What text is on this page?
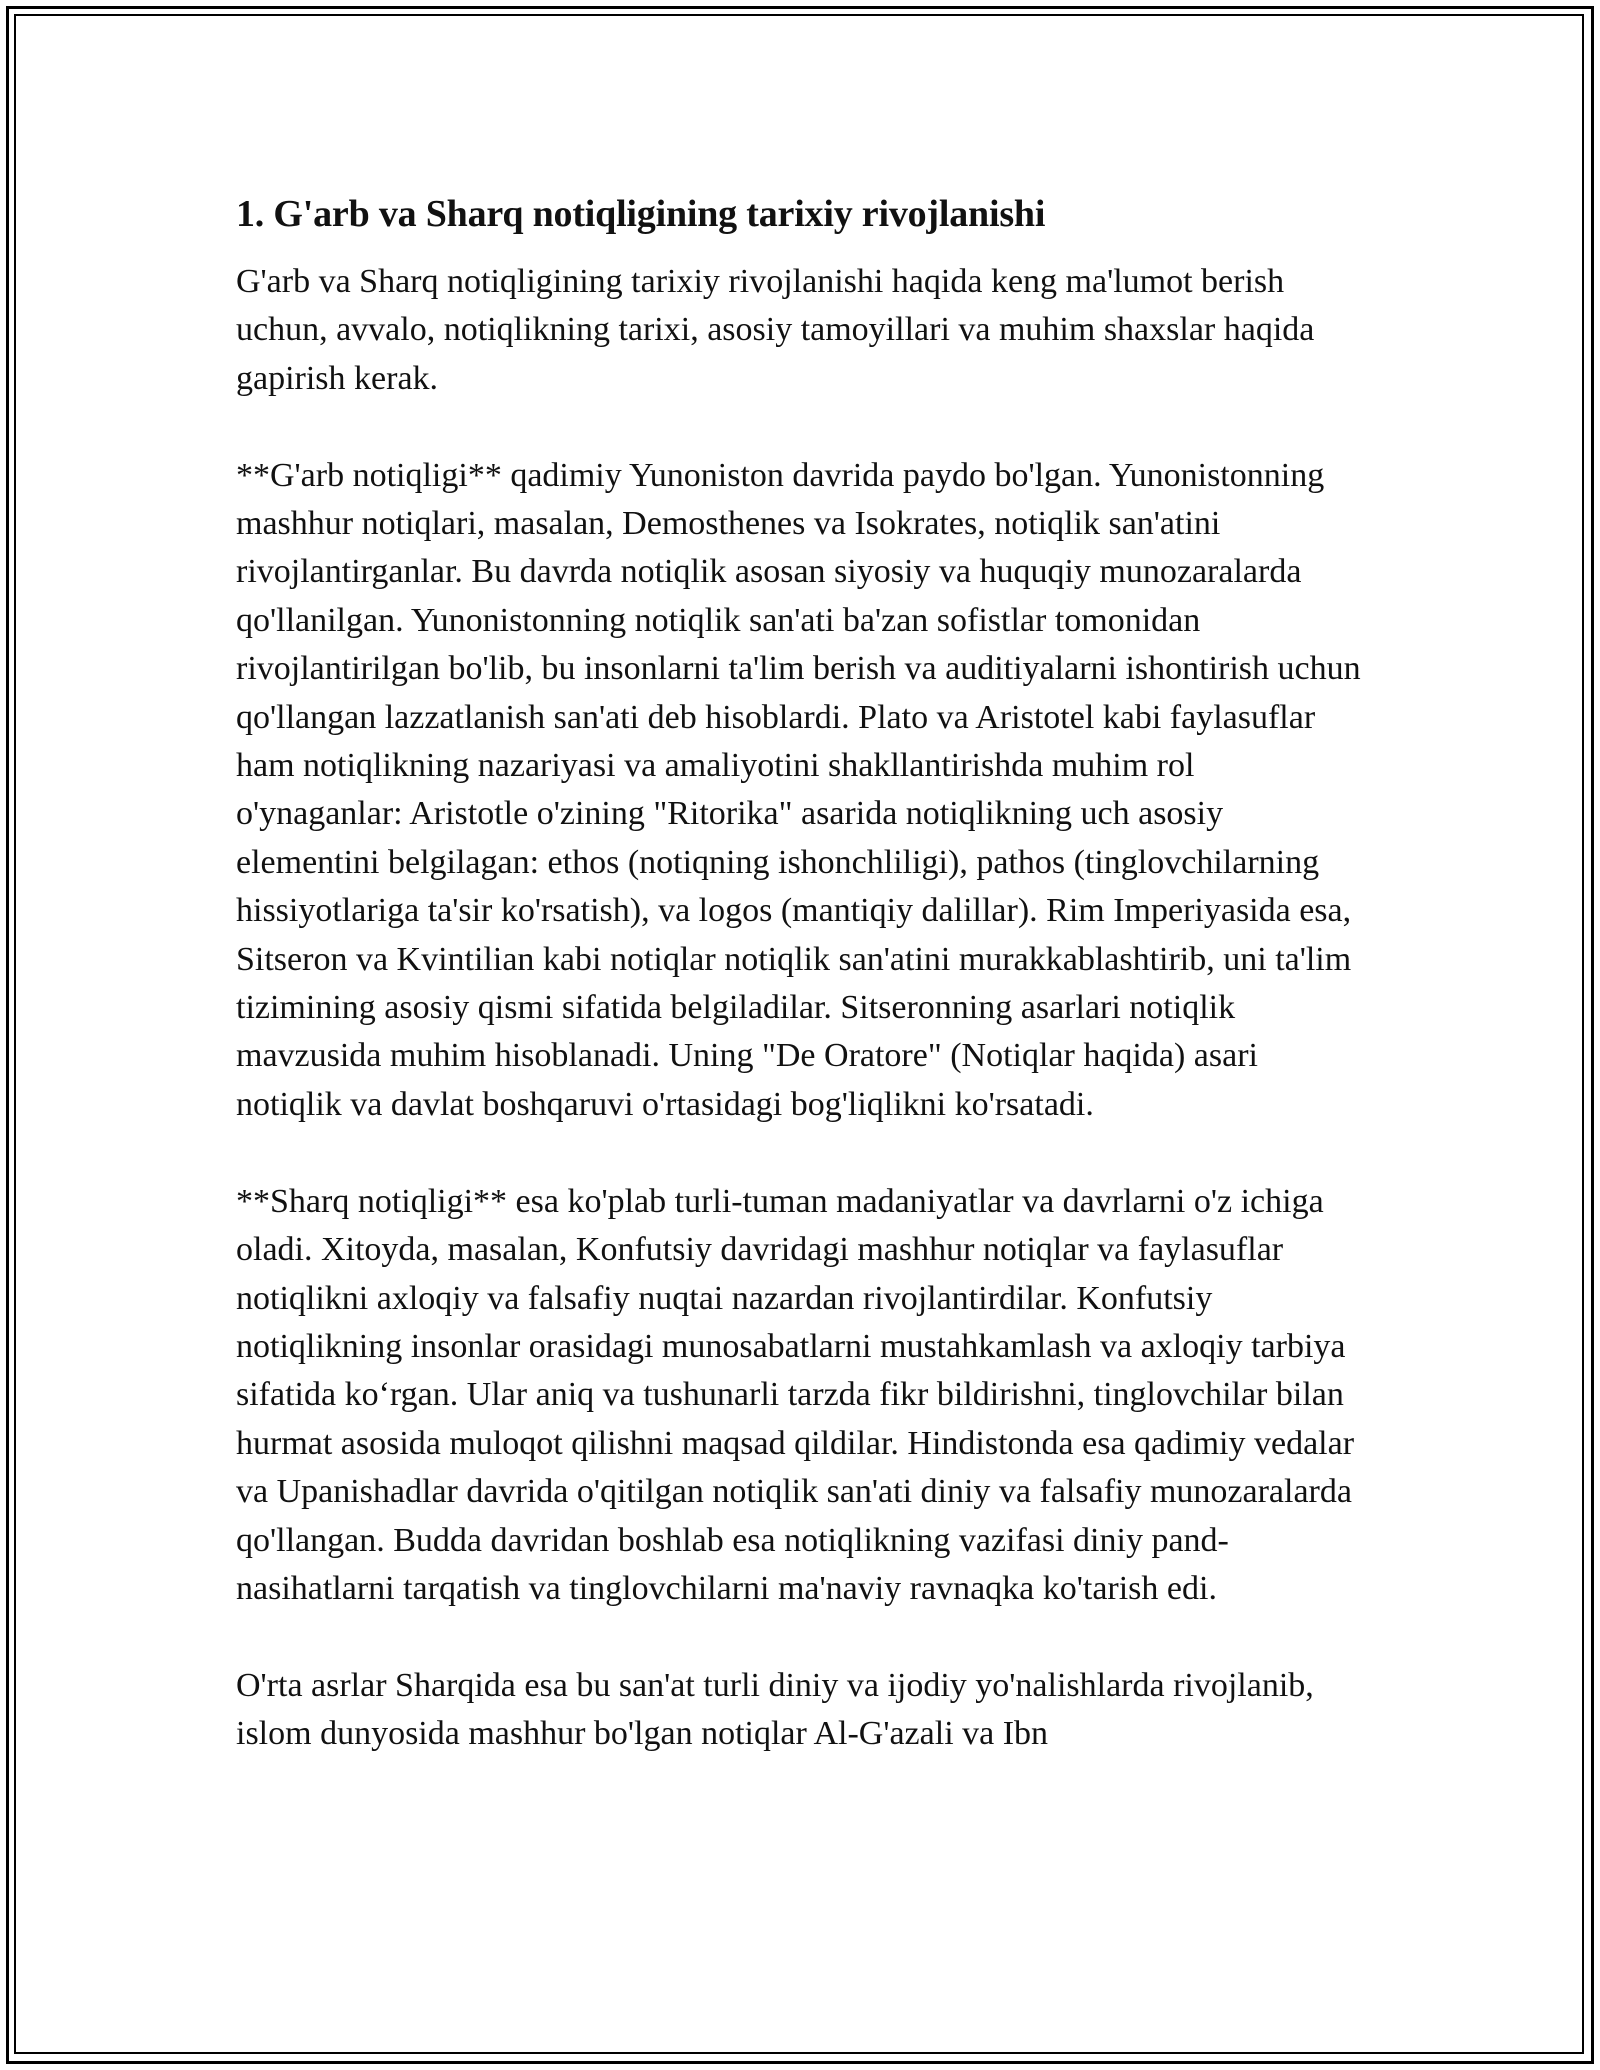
1. G'arb va Sharq notiqligining tarixiy rivojlanishi

G'arb va Sharq notiqligining tarixiy rivojlanishi haqida keng ma'lumot berish uchun, avvalo, notiqlikning tarixi, asosiy tamoyillari va muhim shaxslar haqida gapirish kerak.

**G'arb notiqligi** qadimiy Yunoniston davrida paydo bo'lgan. Yunonistonning mashhur notiqlari, masalan, Demosthenes va Isokrates, notiqlik san'atini rivojlantirganlar. Bu davrda notiqlik asosan siyosiy va huquqiy munozaralarda qo'llanilgan. Yunonistonning notiqlik san'ati ba'zan sofistlar tomonidan rivojlantirilgan bo'lib, bu insonlarni ta'lim berish va auditiyalarni ishontirish uchun qo'llangan lazzatlanish san'ati deb hisoblardi. Plato va Aristotel kabi faylasuflar ham notiqlikning nazariyasi va amaliyotini shakllantirishda muhim rol o'ynaganlar: Aristotle o'zining "Ritorika" asarida notiqlikning uch asosiy elementini belgilagan: ethos (notiqning ishonchliligi), pathos (tinglovchilarning hissiyotlariga ta'sir ko'rsatish), va logos (mantiqiy dalillar). Rim Imperiyasida esa, Sitseron va Kvintilian kabi notiqlar notiqlik san'atini murakkablashtirib, uni ta'lim tizimining asosiy qismi sifatida belgiladilar. Sitseronning asarlari notiqlik mavzusida muhim hisoblanadi. Uning "De Oratore" (Notiqlar haqida) asari notiqlik va davlat boshqaruvi o'rtasidagi bog'liqlikni ko'rsatadi.

**Sharq notiqligi** esa ko'plab turli-tuman madaniyatlar va davrlarni o'z ichiga oladi. Xitoyda, masalan, Konfutsiy davridagi mashhur notiqlar va faylasuflar notiqlikni axloqiy va falsafiy nuqtai nazardan rivojlantirdilar. Konfutsiy notiqlikning insonlar orasidagi munosabatlarni mustahkamlash va axloqiy tarbiya sifatida ko‘rgan. Ular aniq va tushunarli tarzda fikr bildirishni, tinglovchilar bilan hurmat asosida muloqot qilishni maqsad qildilar. Hindistonda esa qadimiy vedalar va Upanishadlar davrida o'qitilgan notiqlik san'ati diniy va falsafiy munozaralarda qo'llangan. Budda davridan boshlab esa notiqlikning vazifasi diniy pand-nasihatlarni tarqatish va tinglovchilarni ma'naviy ravnaqka ko'tarish edi.

O'rta asrlar Sharqida esa bu san'at turli diniy va ijodiy yo'nalishlarda rivojlanib, islom dunyosida mashhur bo'lgan notiqlar Al-G'azali va Ibn
